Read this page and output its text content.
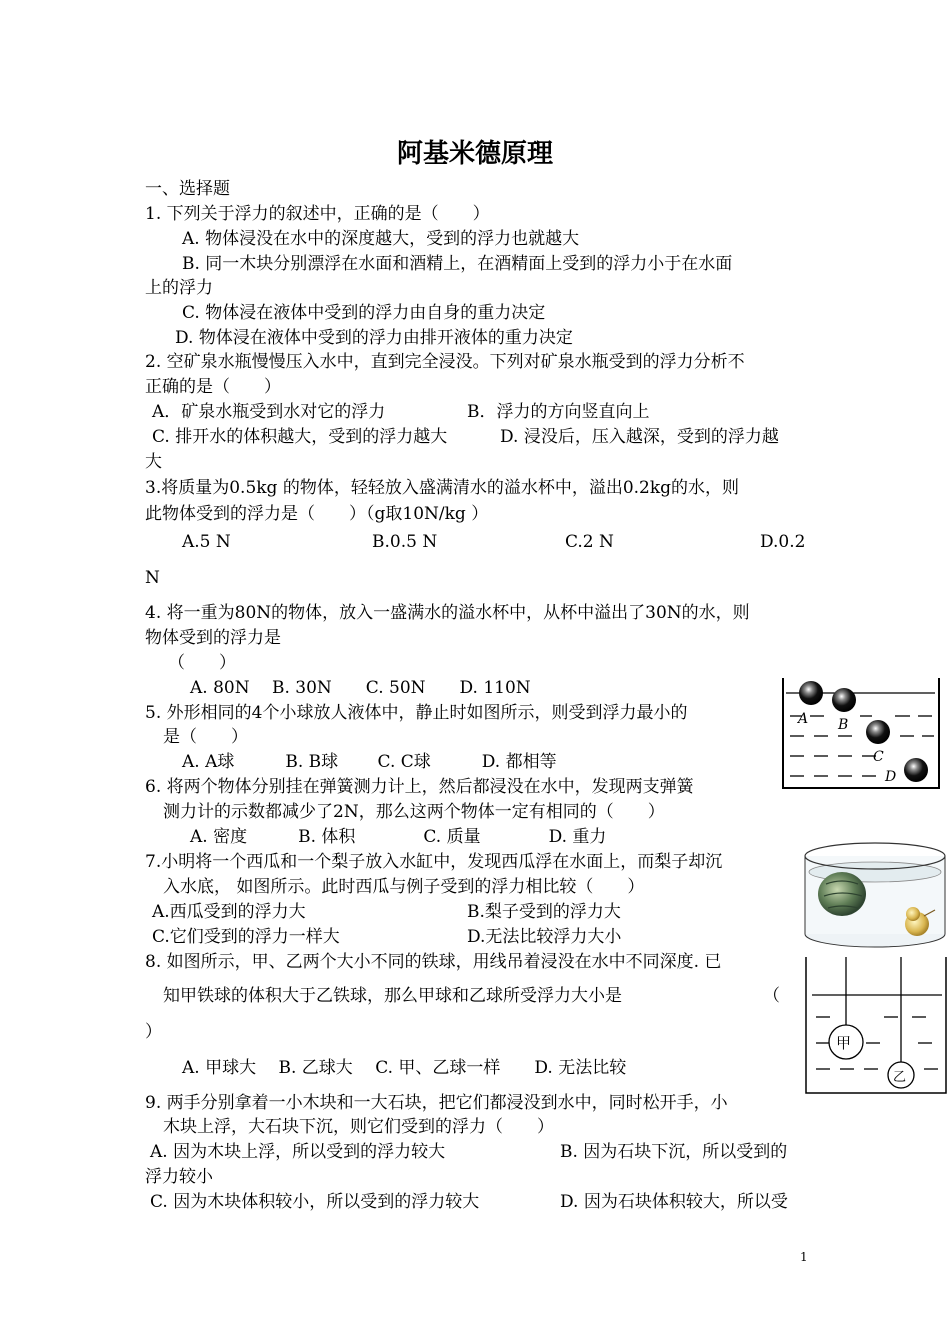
阿基米德原理
一、选择题
1. 下列关于浮力的叙述中，正确的是（　　）
A. 物体浸没在水中的深度越大，受到的浮力也就越大
B. 同一木块分别漂浮在水面和酒精上，在酒精面上受到的浮力小于在水面
上的浮力
C. 物体浸在液体中受到的浮力由自身的重力决定
D. 物体浸在液体中受到的浮力由排开液体的重力决定
2. 空矿泉水瓶慢慢压入水中，直到完全浸没。下列对矿泉水瓶受到的浮力分析不
正确的是（　　）
A．矿泉水瓶受到水对它的浮力	B．浮力的方向竖直向上
C. 排开水的体积越大，受到的浮力越大	D. 浸没后，压入越深，受到的浮力越
大
3.将质量为0.5kg 的物体，轻轻放入盛满清水的溢水杯中，溢出0.2kg的水，则
此物体受到的浮力是（　　）（g取10N/kg ）
A.5 N	B.0.5 N	C.2 N	D.0.2
N
4. 将一重为80N的物体，放入一盛满水的溢水杯中，从杯中溢出了30N的水，则
物体受到的浮力是
（　　）
A. 80N　 B. 30N　　C. 50N　　D. 110N
5. 外形相同的4个小球放人液体中，静止时如图所示，则受到浮力最小的
是（　　）
A. A球　　　B. B球　　 C. C球　　　D. 都相等
6. 将两个物体分别挂在弹簧测力计上，然后都浸没在水中，发现两支弹簧
测力计的示数都减少了2N，那么这两个物体一定有相同的（　　）
A. 密度　　　B. 体积　　　　C. 质量　　　　D. 重力
7.小明将一个西瓜和一个梨子放入水缸中，发现西瓜浮在水面上，而梨子却沉
入水底， 如图所示。此时西瓜与例子受到的浮力相比较（　　）
A.西瓜受到的浮力大	B.梨子受到的浮力大
C.它们受到的浮力一样大	D.无法比较浮力大小
8. 如图所示，甲、乙两个大小不同的铁球，用线吊着浸没在水中不同深度. 已
知甲铁球的体积大于乙铁球，那么甲球和乙球所受浮力大小是	（
）
A. 甲球大　 B. 乙球大　 C. 甲、乙球一样　　D. 无法比较
9. 两手分别拿着一小木块和一大石块，把它们都浸没到水中，同时松开手，小
木块上浮，大石块下沉，则它们受到的浮力（　　）
A. 因为木块上浮，所以受到的浮力较大	B. 因为石块下沉，所以受到的
浮力较小
C. 因为木块体积较小，所以受到的浮力较大	D. 因为石块体积较大，所以受
1
A B
C
D
甲
乙
